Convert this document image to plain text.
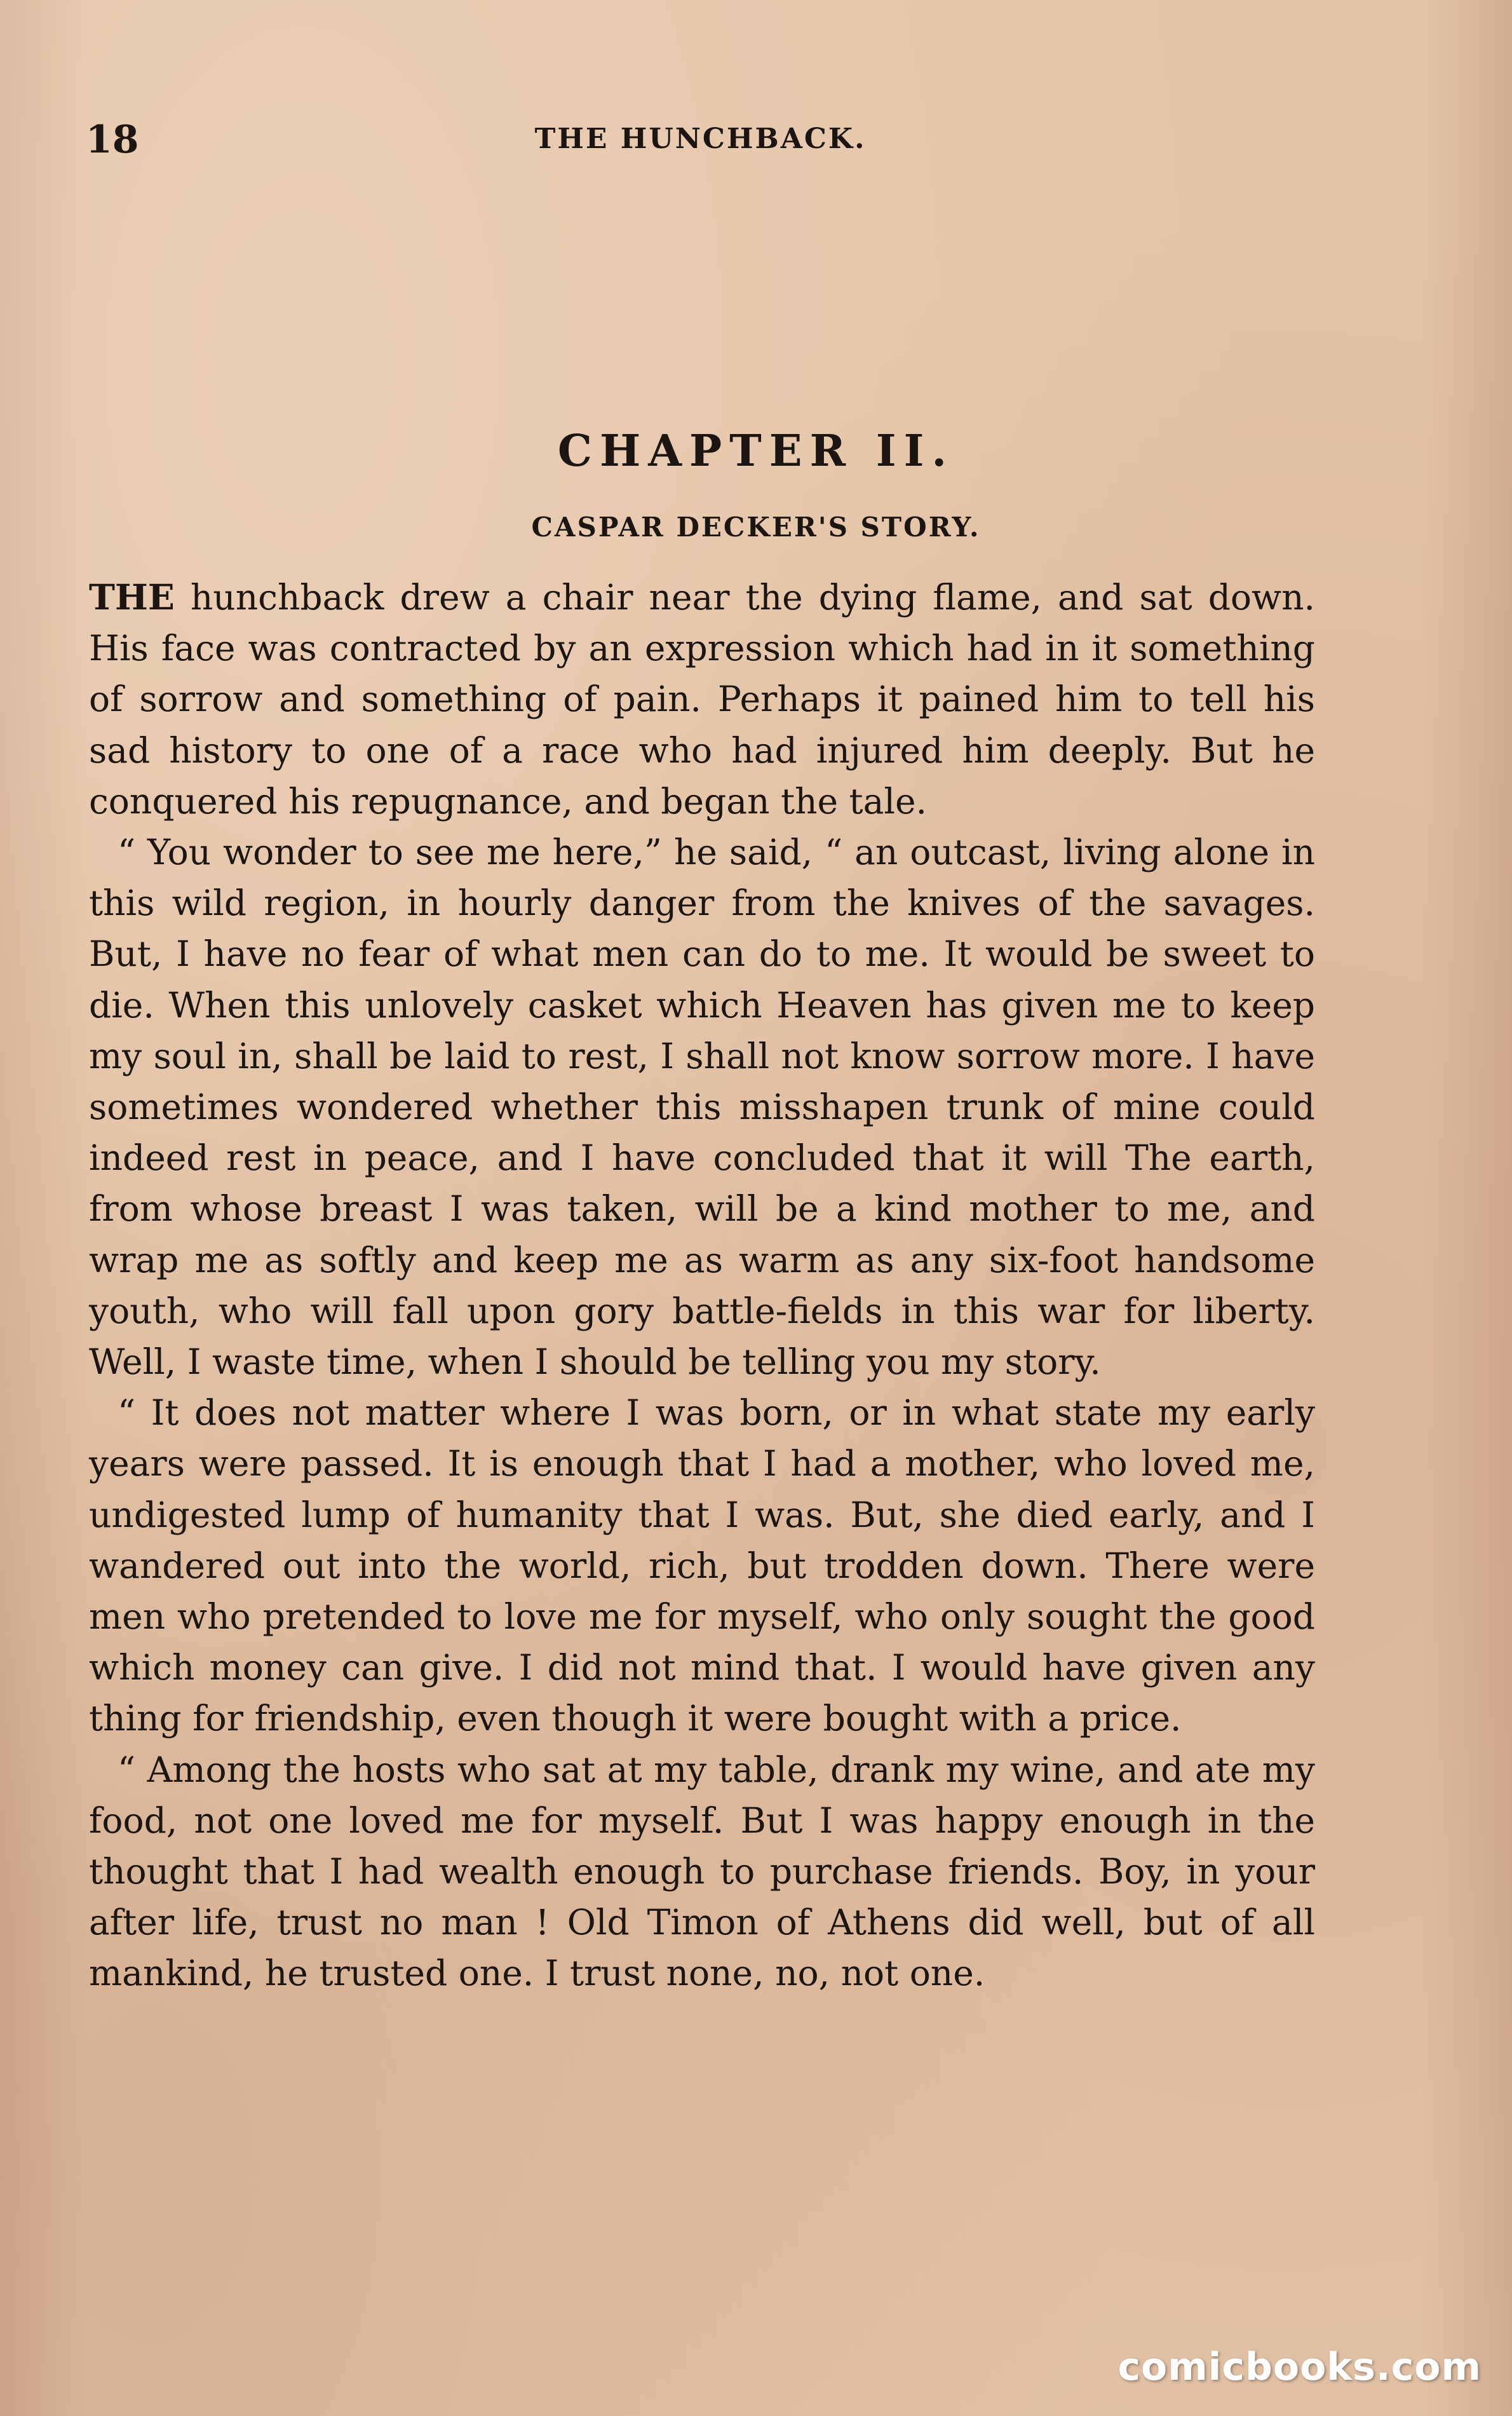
18	THE HUNCHBACK.
CHAPTER II.
CASPAR DECKER'S STORY.

THE hunchback drew a chair near the dying flame, and sat down. His face was contracted by an expression which had in it something of sorrow and something of pain. Perhaps it pained him to tell his sad history to one of a race who had injured him deeply. But he conquered his repugnance, and began the tale.

“ You wonder to see me here,” he said, “ an outcast, living alone in this wild region, in hourly danger from the knives of the savages. But, I have no fear of what men can do to me. It would be sweet to die. When this unlovely casket which Heaven has given me to keep my soul in, shall be laid to rest, I shall not know sorrow more. I have sometimes wondered whether this misshapen trunk of mine could indeed rest in peace, and I have concluded that it will The earth, from whose breast I was taken, will be a kind mother to me, and wrap me as softly and keep me as warm as any six-foot handsome youth, who will fall upon gory battle-fields in this war for liberty. Well, I waste time, when I should be telling you my story.

“ It does not matter where I was born, or in what state my early years were passed. It is enough that I had a mother, who loved me, undigested lump of humanity that I was. But, she died early, and I wandered out into the world, rich, but trodden down. There were men who pretended to love me for myself, who only sought the good which money can give. I did not mind that. I would have given any thing for friendship, even though it were bought with a price.

“ Among the hosts who sat at my table, drank my wine, and ate my food, not one loved me for myself. But I was happy enough in the thought that I had wealth enough to purchase friends. Boy, in your after life, trust no man ! Old Timon of Athens did well, but of all mankind, he trusted one. I trust none, no, not one.

comicbooks.com
